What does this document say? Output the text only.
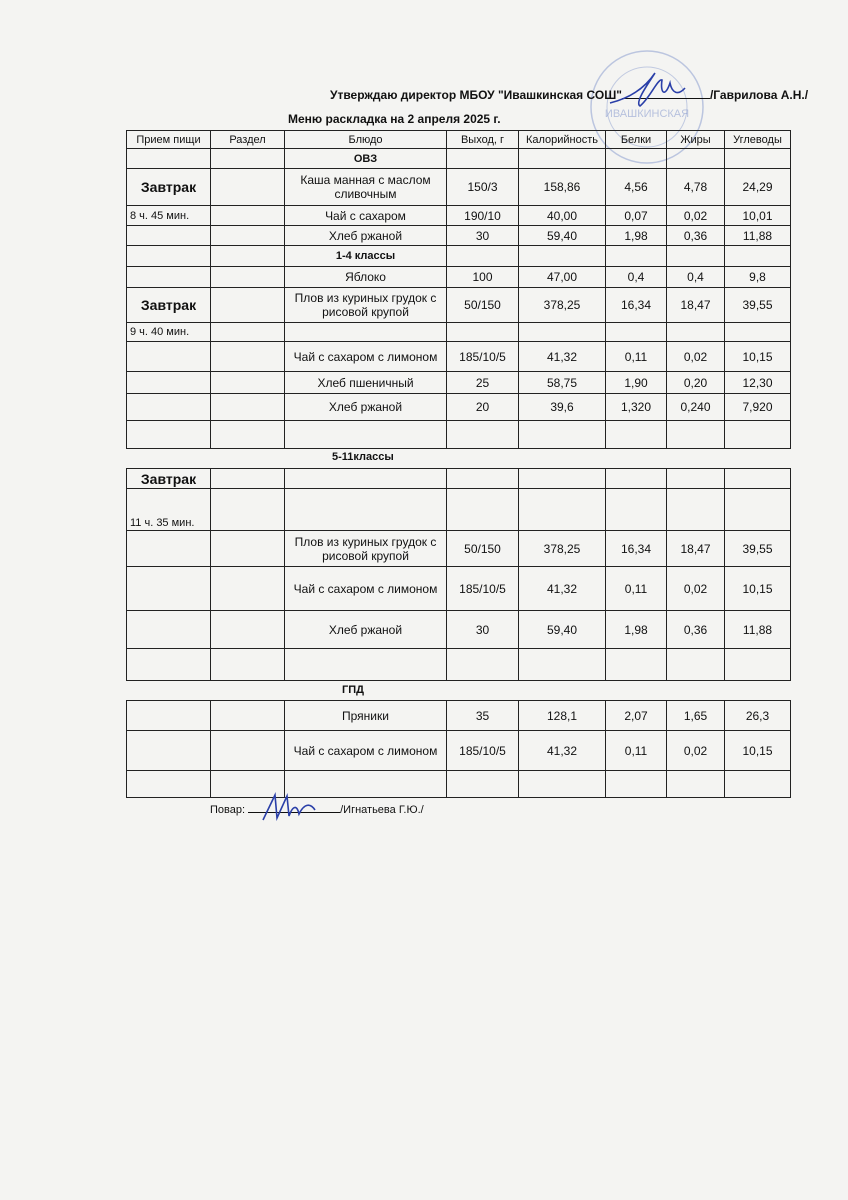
ИВАШКИНСКАЯ
Утверждаю директор МБОУ "Ивашкинская СОШ"	/Гаврилова А.Н./
Меню раскладка на 2 апреля 2025 г.
Прием пищи	Раздел	Блюдо	Выход, г	Калорийность	Белки	Жиры	Углеводы
		ОВЗ					
Завтрак		Каша манная с маслом сливочным	150/3	158,86	4,56	4,78	24,29
8 ч. 45 мин.		Чай с сахаром	190/10	40,00	0,07	0,02	10,01
		Хлеб ржаной	30	59,40	1,98	0,36	11,88
		1-4 классы					
		Яблоко	100	47,00	0,4	0,4	9,8
Завтрак		Плов из куриных грудок с рисовой крупой	50/150	378,25	16,34	18,47	39,55
9 ч. 40 мин.							
		Чай с сахаром с лимоном	185/10/5	41,32	0,11	0,02	10,15
		Хлеб пшеничный	25	58,75	1,90	0,20	12,30
		Хлеб ржаной	20	39,6	1,320	0,240	7,920

5-11классы
Завтрак							
11 ч. 35 мин.							
		Плов из куриных грудок с рисовой крупой	50/150	378,25	16,34	18,47	39,55
		Чай с сахаром с лимоном	185/10/5	41,32	0,11	0,02	10,15
		Хлеб ржаной	30	59,40	1,98	0,36	11,88

ГПД
		Пряники	35	128,1	2,07	1,65	26,3
		Чай с сахаром с лимоном	185/10/5	41,32	0,11	0,02	10,15

Повар:	/Игнатьева Г.Ю./
